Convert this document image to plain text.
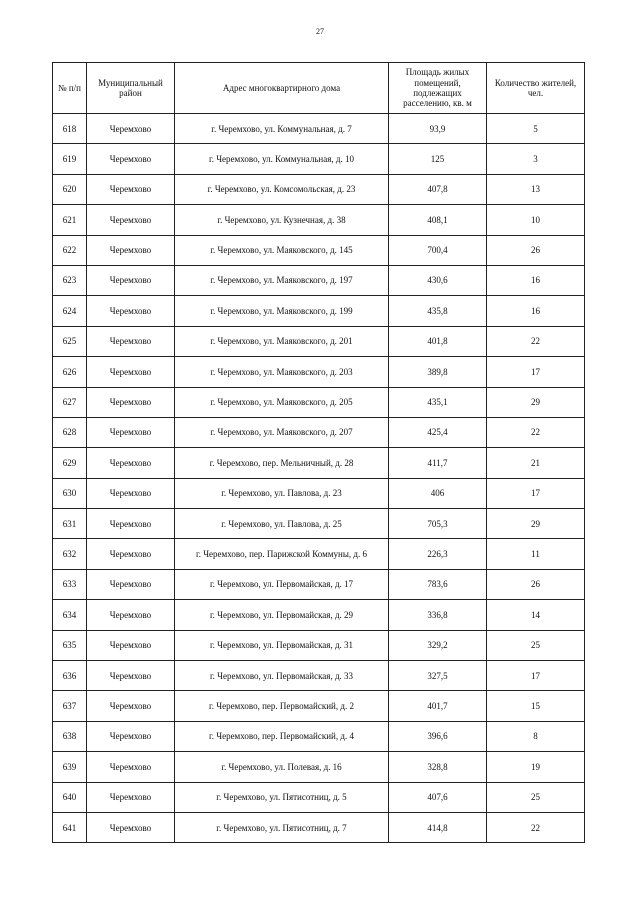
27
№ п/п	Муниципальный район	Адрес многоквартирного дома	Площадь жилых помещений, подлежащих расселению, кв. м	Количество жителей, чел.
618	Черемхово	г. Черемхово, ул. Коммунальная, д. 7	93,9	5
619	Черемхово	г. Черемхово, ул. Коммунальная, д. 10	125	3
620	Черемхово	г. Черемхово, ул. Комсомольская, д. 23	407,8	13
621	Черемхово	г. Черемхово, ул. Кузнечная, д. 38	408,1	10
622	Черемхово	г. Черемхово, ул. Маяковского, д. 145	700,4	26
623	Черемхово	г. Черемхово, ул. Маяковского, д. 197	430,6	16
624	Черемхово	г. Черемхово, ул. Маяковского, д. 199	435,8	16
625	Черемхово	г. Черемхово, ул. Маяковского, д. 201	401,8	22
626	Черемхово	г. Черемхово, ул. Маяковского, д. 203	389,8	17
627	Черемхово	г. Черемхово, ул. Маяковского, д. 205	435,1	29
628	Черемхово	г. Черемхово, ул. Маяковского, д. 207	425,4	22
629	Черемхово	г. Черемхово, пер. Мельничный, д. 28	411,7	21
630	Черемхово	г. Черемхово, ул. Павлова, д. 23	406	17
631	Черемхово	г. Черемхово, ул. Павлова, д. 25	705,3	29
632	Черемхово	г. Черемхово, пер. Парижской Коммуны, д. 6	226,3	11
633	Черемхово	г. Черемхово, ул. Первомайская, д. 17	783,6	26
634	Черемхово	г. Черемхово, ул. Первомайская, д. 29	336,8	14
635	Черемхово	г. Черемхово, ул. Первомайская, д. 31	329,2	25
636	Черемхово	г. Черемхово, ул. Первомайская, д. 33	327,5	17
637	Черемхово	г. Черемхово, пер. Первомайский, д. 2	401,7	15
638	Черемхово	г. Черемхово, пер. Первомайский, д. 4	396,6	8
639	Черемхово	г. Черемхово, ул. Полевая, д. 16	328,8	19
640	Черемхово	г. Черемхово, ул. Пятисотниц, д. 5	407,6	25
641	Черемхово	г. Черемхово, ул. Пятисотниц, д. 7	414,8	22
